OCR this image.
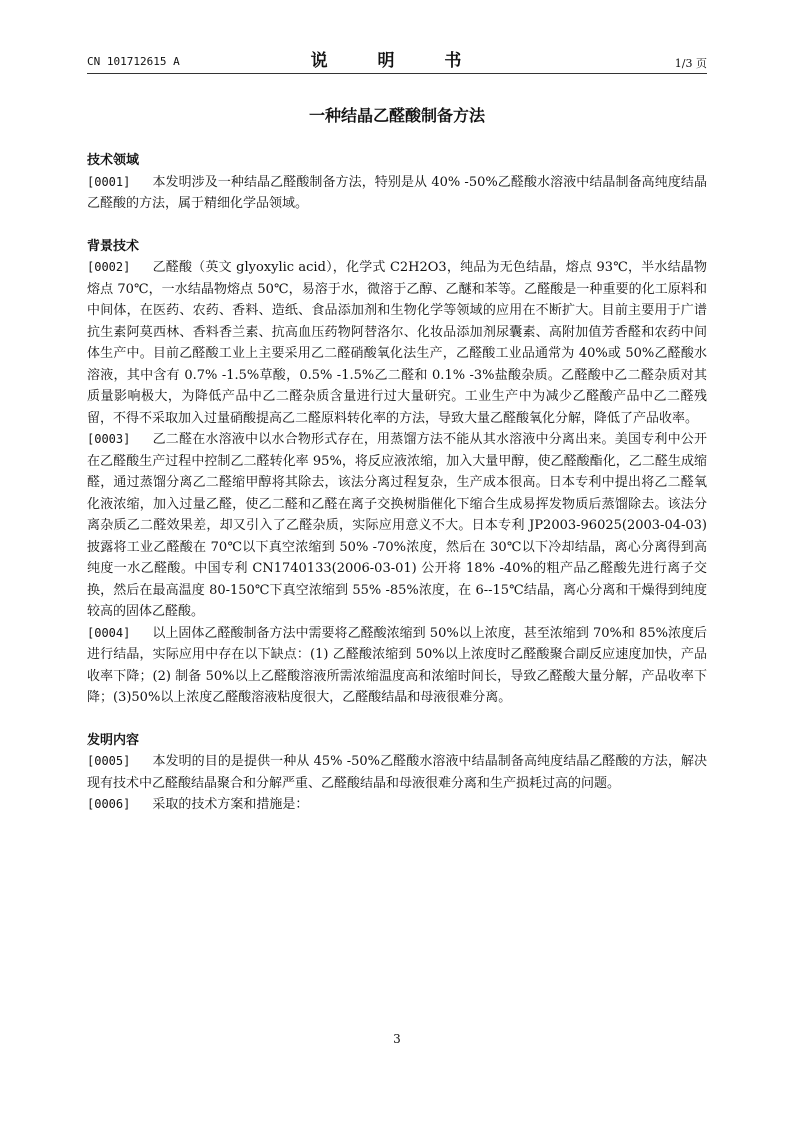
CN 101712615 A	说 明 书	1/3 页
一种结晶乙醛酸制备方法
技术领域

[0001] 本发明涉及一种结晶乙醛酸制备方法，特别是从 40% -50%乙醛酸水溶液中结晶制备高纯度结晶乙醛酸的方法，属于精细化学品领域。

背景技术

[0002] 乙醛酸（英文 glyoxylic acid），化学式 C2H2O3，纯品为无色结晶，熔点 93℃，半水结晶物熔点 70℃，一水结晶物熔点 50℃，易溶于水，微溶于乙醇、乙醚和苯等。乙醛酸是一种重要的化工原料和中间体，在医药、农药、香料、造纸、食品添加剂和生物化学等领域的应用在不断扩大。目前主要用于广谱抗生素阿莫西林、香料香兰素、抗高血压药物阿替洛尔、化妆品添加剂尿囊素、高附加值芳香醛和农药中间体生产中。目前乙醛酸工业上主要采用乙二醛硝酸氧化法生产，乙醛酸工业品通常为 40%或 50%乙醛酸水溶液，其中含有 0.7% -1.5%草酸，0.5% -1.5%乙二醛和 0.1% -3%盐酸杂质。乙醛酸中乙二醛杂质对其质量影响极大，为降低产品中乙二醛杂质含量进行过大量研究。工业生产中为减少乙醛酸产品中乙二醛残留，不得不采取加入过量硝酸提高乙二醛原料转化率的方法，导致大量乙醛酸氧化分解，降低了产品收率。

[0003] 乙二醛在水溶液中以水合物形式存在，用蒸馏方法不能从其水溶液中分离出来。美国专利中公开在乙醛酸生产过程中控制乙二醛转化率 95%，将反应液浓缩，加入大量甲醇，使乙醛酸酯化，乙二醛生成缩醛，通过蒸馏分离乙二醛缩甲醇将其除去，该法分离过程复杂，生产成本很高。日本专利中提出将乙二醛氧化液浓缩，加入过量乙醛，使乙二醛和乙醛在离子交换树脂催化下缩合生成易挥发物质后蒸馏除去。该法分离杂质乙二醛效果差，却又引入了乙醛杂质，实际应用意义不大。日本专利 JP2003-96025(2003-04-03) 披露将工业乙醛酸在 70℃以下真空浓缩到 50% -70%浓度，然后在 30℃以下冷却结晶，离心分离得到高纯度一水乙醛酸。中国专利 CN1740133(2006-03-01) 公开将 18% -40%的粗产品乙醛酸先进行离子交换，然后在最高温度 80-150℃下真空浓缩到 55% -85%浓度，在 6--15℃结晶，离心分离和干燥得到纯度较高的固体乙醛酸。

[0004] 以上固体乙醛酸制备方法中需要将乙醛酸浓缩到 50%以上浓度，甚至浓缩到 70%和 85%浓度后进行结晶，实际应用中存在以下缺点：(1) 乙醛酸浓缩到 50%以上浓度时乙醛酸聚合副反应速度加快，产品收率下降；(2) 制备 50%以上乙醛酸溶液所需浓缩温度高和浓缩时间长，导致乙醛酸大量分解，产品收率下降；(3)50%以上浓度乙醛酸溶液粘度很大，乙醛酸结晶和母液很难分离。

发明内容

[0005] 本发明的目的是提供一种从 45% -50%乙醛酸水溶液中结晶制备高纯度结晶乙醛酸的方法，解决现有技术中乙醛酸结晶聚合和分解严重、乙醛酸结晶和母液很难分离和生产损耗过高的问题。

[0006] 采取的技术方案和措施是：

3
